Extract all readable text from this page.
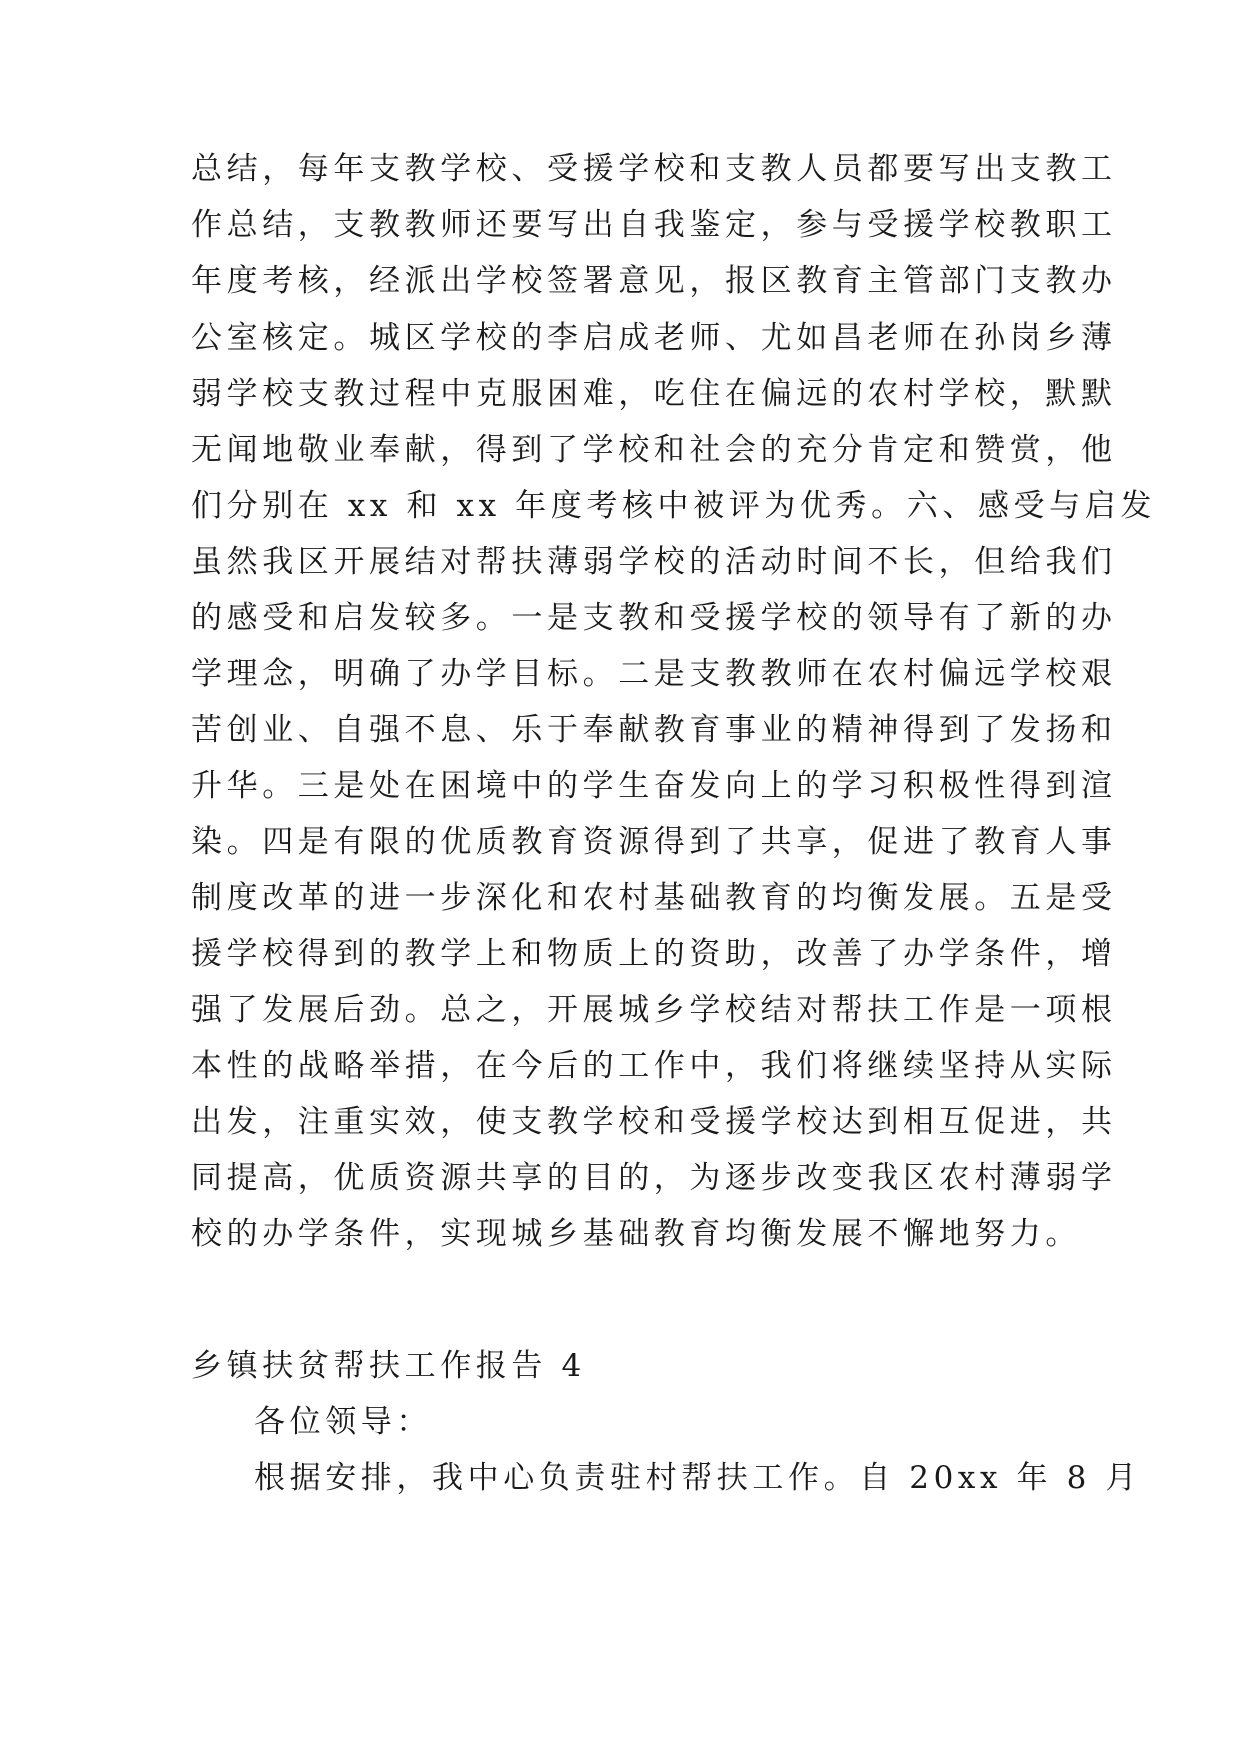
总结，每年支教学校、受援学校和支教人员都要写出支教工
作总结，支教教师还要写出自我鉴定，参与受援学校教职工
年度考核，经派出学校签署意见，报区教育主管部门支教办
公室核定。城区学校的李启成老师、尤如昌老师在孙岗乡薄
弱学校支教过程中克服困难，吃住在偏远的农村学校，默默
无闻地敬业奉献，得到了学校和社会的充分肯定和赞赏，他
们分别在 xx 和 xx 年度考核中被评为优秀。六、感受与启发
虽然我区开展结对帮扶薄弱学校的活动时间不长，但给我们
的感受和启发较多。一是支教和受援学校的领导有了新的办
学理念，明确了办学目标。二是支教教师在农村偏远学校艰
苦创业、自强不息、乐于奉献教育事业的精神得到了发扬和
升华。三是处在困境中的学生奋发向上的学习积极性得到渲
染。四是有限的优质教育资源得到了共享，促进了教育人事
制度改革的进一步深化和农村基础教育的均衡发展。五是受
援学校得到的教学上和物质上的资助，改善了办学条件，增
强了发展后劲。总之，开展城乡学校结对帮扶工作是一项根
本性的战略举措，在今后的工作中，我们将继续坚持从实际
出发，注重实效，使支教学校和受援学校达到相互促进，共
同提高，优质资源共享的目的，为逐步改变我区农村薄弱学
校的办学条件，实现城乡基础教育均衡发展不懈地努力。
乡镇扶贫帮扶工作报告 4
各位领导：
根据安排，我中心负责驻村帮扶工作。自 20xx 年 8 月
